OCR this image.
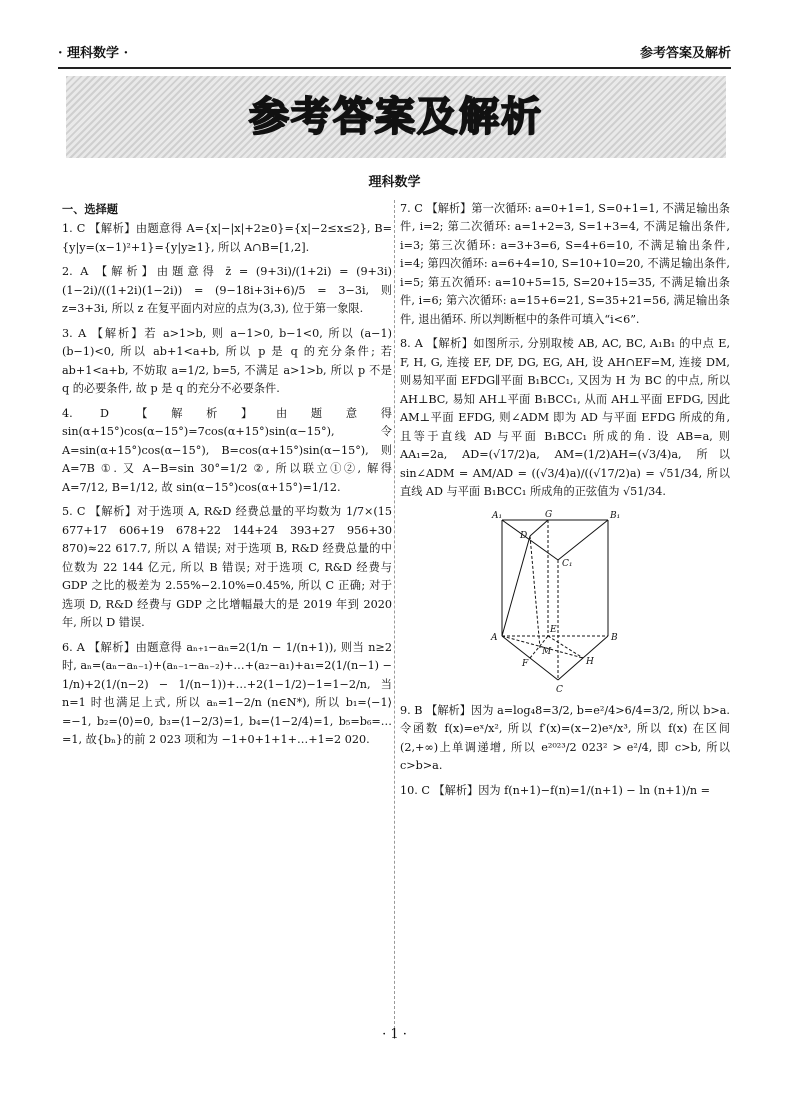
· 理科数学 ·	参考答案及解析
参考答案及解析
理科数学
一、选择题
1. C 【解析】由题意得 A={x|−|x|+2≥0}={x|−2≤x≤2}, B={y|y=(x−1)²+1}={y|y≥1}, 所以 A∩B=[1,2].
2. A 【解析】由题意得 z̄ = (9+3i)/(1+2i) = (9+3i)(1−2i)/((1+2i)(1−2i)) = (9−18i+3i+6)/5 = 3−3i, 则 z=3+3i, 所以 z 在复平面内对应的点为(3,3), 位于第一象限.
3. A 【解析】若 a>1>b, 则 a−1>0, b−1<0, 所以 (a−1)(b−1)<0, 所以 ab+1<a+b, 所以 p 是 q 的充分条件; 若 ab+1<a+b, 不妨取 a=1/2, b=5, 不满足 a>1>b, 所以 p 不是 q 的必要条件, 故 p 是 q 的充分不必要条件.
4. D 【解析】由题意得 sin(α+15°)cos(α−15°)=7cos(α+15°)sin(α−15°), 令 A=sin(α+15°)cos(α−15°), B=cos(α+15°)sin(α−15°), 则 A=7B ①. 又 A−B=sin 30°=1/2 ②, 所以联立①②, 解得 A=7/12, B=1/12, 故 sin(α−15°)cos(α+15°)=1/12.
5. C 【解析】对于选项 A, R&D 经费总量的平均数为 1/7×(15 677+17 606+19 678+22 144+24 393+27 956+30 870)≈22 617.7, 所以 A 错误; 对于选项 B, R&D 经费总量的中位数为 22 144 亿元, 所以 B 错误; 对于选项 C, R&D 经费与 GDP 之比的极差为 2.55%−2.10%=0.45%, 所以 C 正确; 对于选项 D, R&D 经费与 GDP 之比增幅最大的是 2019 年到 2020 年, 所以 D 错误.
6. A 【解析】由题意得 aₙ₊₁−aₙ=2(1/n − 1/(n+1)), 则当 n≥2 时, aₙ=(aₙ−aₙ₋₁)+(aₙ₋₁−aₙ₋₂)+…+(a₂−a₁)+a₁=2(1/(n−1) − 1/n)+2(1/(n−2) − 1/(n−1))+…+2(1−1/2)−1=1−2/n, 当 n=1 时也满足上式, 所以 aₙ=1−2/n (n∈N*), 所以 b₁=⟨−1⟩=−1, b₂=⟨0⟩=0, b₃=⟨1−2/3⟩=1, b₄=⟨1−2/4⟩=1, b₅=b₆=…=1, 故{bₙ}的前 2 023 项和为 −1+0+1+1+…+1=2 020.
7. C 【解析】第一次循环: a=0+1=1, S=0+1=1, 不满足输出条件, i=2; 第二次循环: a=1+2=3, S=1+3=4, 不满足输出条件, i=3; 第三次循环: a=3+3=6, S=4+6=10, 不满足输出条件, i=4; 第四次循环: a=6+4=10, S=10+10=20, 不满足输出条件, i=5; 第五次循环: a=10+5=15, S=20+15=35, 不满足输出条件, i=6; 第六次循环: a=15+6=21, S=35+21=56, 满足输出条件, 退出循环. 所以判断框中的条件可填入“i<6”.
8. A 【解析】如图所示, 分别取棱 AB, AC, BC, A₁B₁ 的中点 E, F, H, G, 连接 EF, DF, DG, EG, AH, 设 AH∩EF=M, 连接 DM, 则易知平面 EFDG∥平面 B₁BCC₁, 又因为 H 为 BC 的中点, 所以 AH⊥BC, 易知 AH⊥平面 B₁BCC₁, 从而 AH⊥平面 EFDG, 因此 AM⊥平面 EFDG, 则∠ADM 即为 AD 与平面 EFDG 所成的角, 且等于直线 AD 与平面 B₁BCC₁ 所成的角. 设 AB=a, 则 AA₁=2a, AD=(√17/2)a, AM=(1/2)AH=(√3/4)a, 所以 sin∠ADM = AM/AD = ((√3/4)a)/((√17/2)a) = √51/34, 所以直线 AD 与平面 B₁BCC₁ 所成角的正弦值为 √51/34.
A₁	G	B₁
D
C₁
A
E
B
F
M
H
C
9. B 【解析】因为 a=log₄8=3/2, b=e²/4>6/4=3/2, 所以 b>a. 令函数 f(x)=eˣ/x², 所以 f′(x)=(x−2)eˣ/x³, 所以 f(x) 在区间(2,+∞)上单调递增, 所以 e²⁰²³/2 023² > e²/4, 即 c>b, 所以 c>b>a.
10. C 【解析】因为 f(n+1)−f(n)=1/(n+1) − ln (n+1)/n =
· 1 ·
